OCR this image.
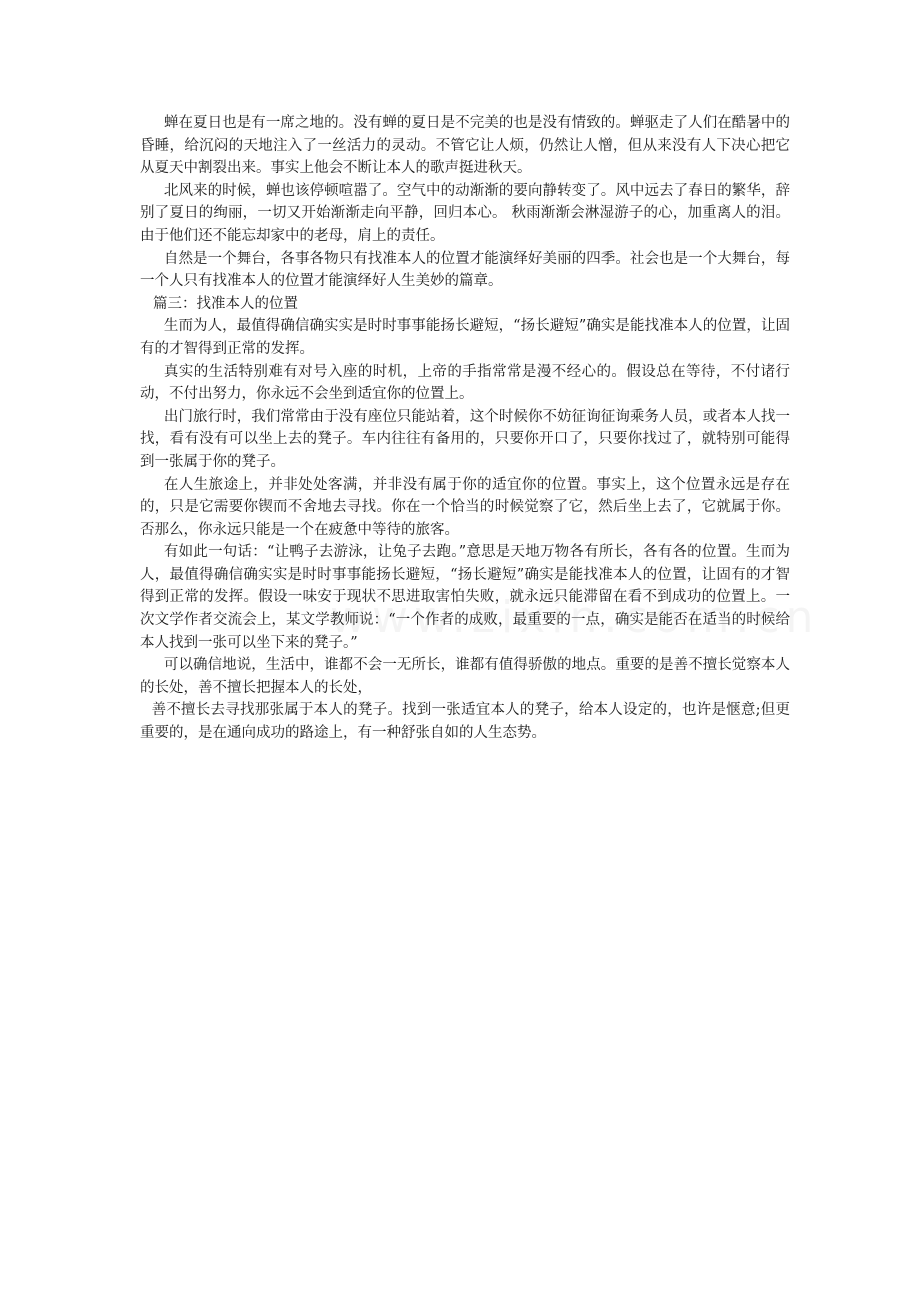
蝉在夏日也是有一席之地的。没有蝉的夏日是不完美的也是没有情致的。蝉驱走了人们在酷暑中的昏睡，给沉闷的天地注入了一丝活力的灵动。不管它让人烦，仍然让人憎，但从来没有人下决心把它从夏天中割裂出来。事实上他会不断让本人的歌声挺进秋天。

北风来的时候，蝉也该停顿喧嚣了。空气中的动渐渐的要向静转变了。风中远去了春日的繁华，辞别了夏日的绚丽，一切又开始渐渐走向平静，回归本心。 秋雨渐渐会淋湿游子的心，加重离人的泪。由于他们还不能忘却家中的老母，肩上的责任。

自然是一个舞台，各事各物只有找准本人的位置才能演绎好美丽的四季。社会也是一个大舞台，每一个人只有找准本人的位置才能演绎好人生美妙的篇章。

篇三：找准本人的位置

生而为人，最值得确信确实实是时时事事能扬长避短，“扬长避短”确实是能找准本人的位置，让固有的才智得到正常的发挥。

真实的生活特别难有对号入座的时机，上帝的手指常常是漫不经心的。假设总在等待，不付诸行动，不付出努力，你永远不会坐到适宜你的位置上。

出门旅行时，我们常常由于没有座位只能站着，这个时候你不妨征询征询乘务人员，或者本人找一找，看有没有可以坐上去的凳子。车内往往有备用的，只要你开口了，只要你找过了，就特别可能得到一张属于你的凳子。

在人生旅途上，并非处处客满，并非没有属于你的适宜你的位置。事实上，这个位置永远是存在的，只是它需要你锲而不舍地去寻找。你在一个恰当的时候觉察了它，然后坐上去了，它就属于你。否那么，你永远只能是一个在疲惫中等待的旅客。

有如此一句话：“让鸭子去游泳，让兔子去跑。”意思是天地万物各有所长，各有各的位置。生而为人，最值得确信确实实是时时事事能扬长避短，“扬长避短”确实是能找准本人的位置，让固有的才智得到正常的发挥。假设一味安于现状不思进取害怕失败，就永远只能滞留在看不到成功的位置上。一次文学作者交流会上，某文学教师说：“一个作者的成败，最重要的一点，确实是能否在适当的时候给本人找到一张可以坐下来的凳子。”

可以确信地说，生活中，谁都不会一无所长，谁都有值得骄傲的地点。重要的是善不擅长觉察本人的长处，善不擅长把握本人的长处，

善不擅长去寻找那张属于本人的凳子。找到一张适宜本人的凳子，给本人设定的，也许是惬意;但更重要的，是在通向成功的路途上，有一种舒张自如的人生态势。
